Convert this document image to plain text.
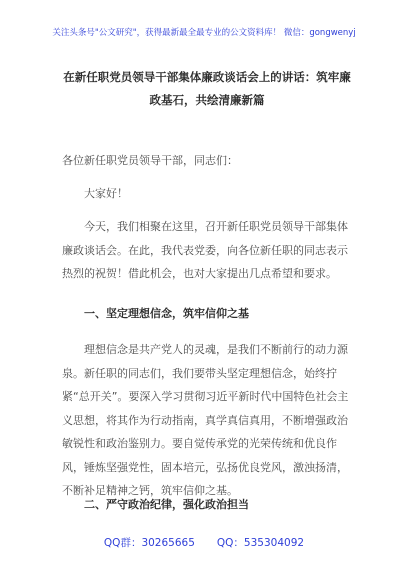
关注头条号"公文研究"，获得最新最全最专业的公文资料库！ 微信：gongwenyj
在新任职党员领导干部集体廉政谈话会上的讲话：筑牢廉政基石，共绘清廉新篇
各位新任职党员领导干部，同志们：
大家好！
今天，我们相聚在这里，召开新任职党员领导干部集体廉政谈话会。在此，我代表党委，向各位新任职的同志表示热烈的祝贺！借此机会，也对大家提出几点希望和要求。
一、坚定理想信念，筑牢信仰之基
理想信念是共产党人的灵魂，是我们不断前行的动力源泉。新任职的同志们，我们要带头坚定理想信念，始终拧紧“总开关”。要深入学习贯彻习近平新时代中国特色社会主义思想，将其作为行动指南，真学真信真用，不断增强政治敏锐性和政治鉴别力。要自觉传承党的光荣传统和优良作风，锤炼坚强党性，固本培元，弘扬优良党风，激浊扬清，不断补足精神之钙，筑牢信仰之基。
二、严守政治纪律，强化政治担当
QQ群：30265665 QQ：535304092
